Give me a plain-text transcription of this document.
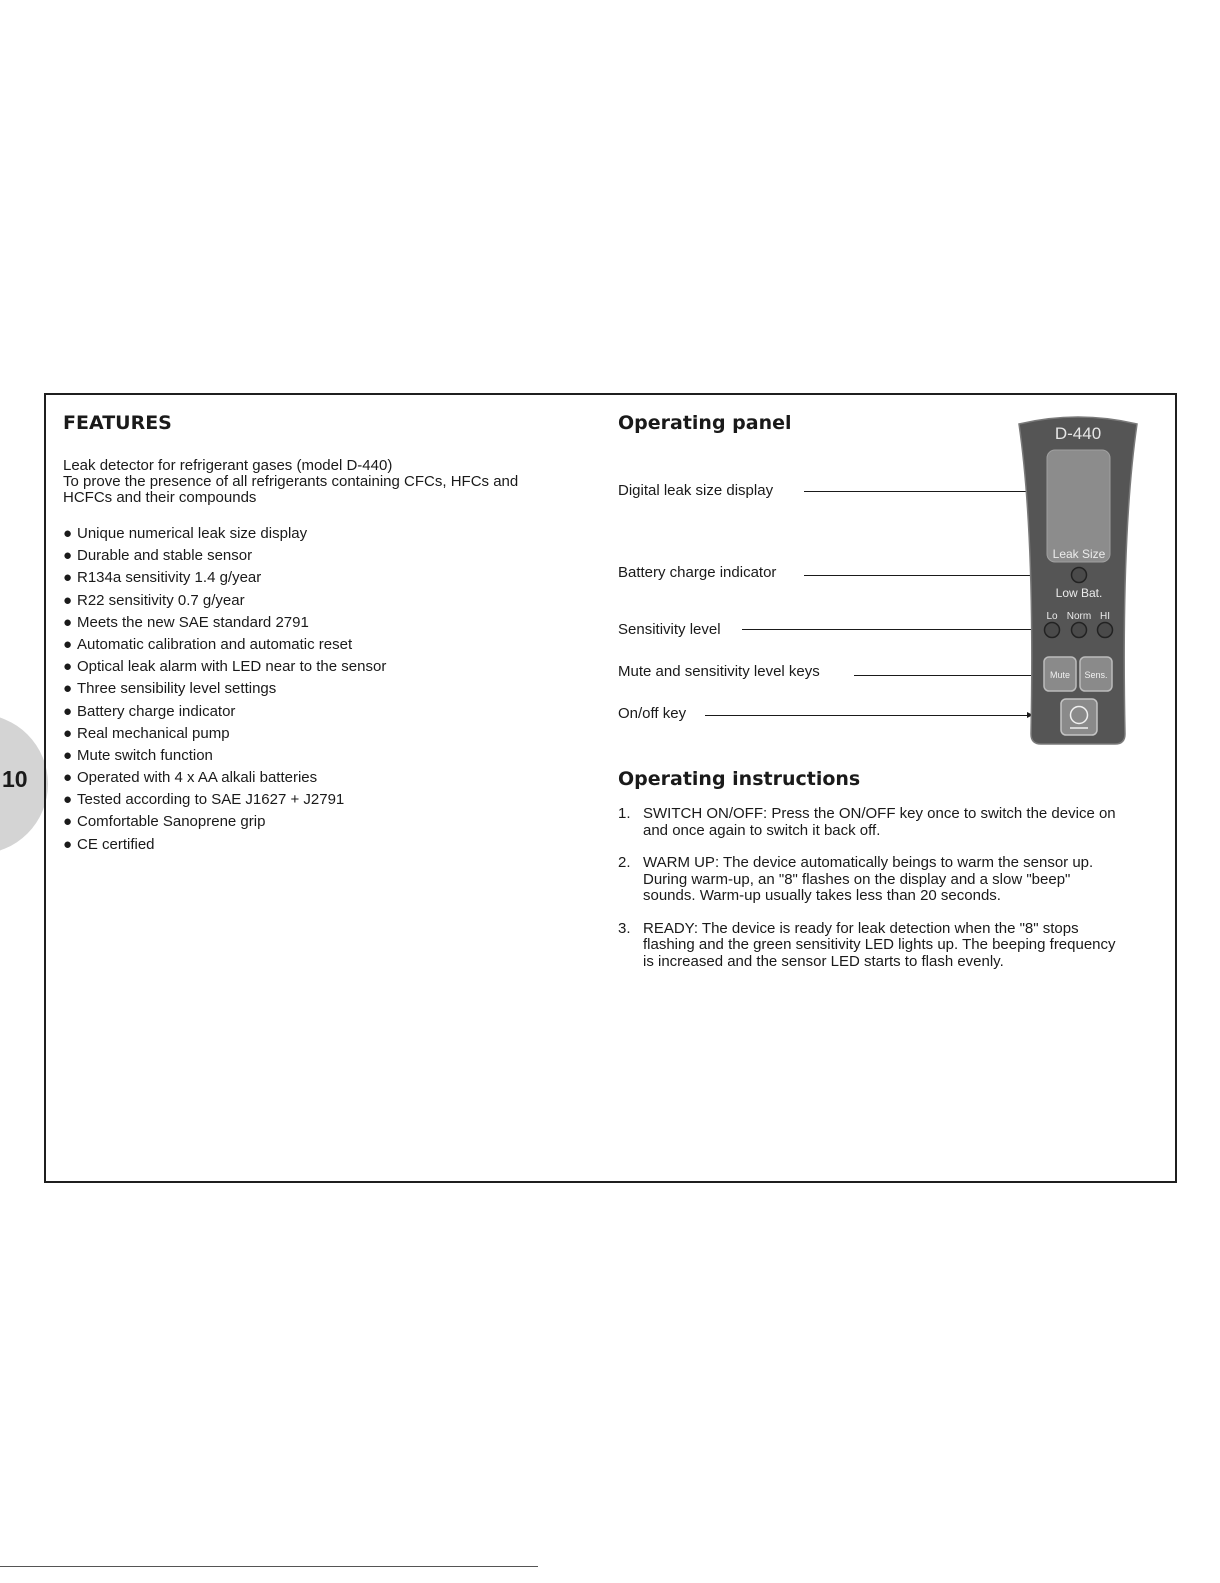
10
FEATURES
Leak detector for refrigerant gases (model D-440)
To prove the presence of all refrigerants containing CFCs, HFCs and
HCFCs and their compounds
● Unique numerical leak size display
● Durable and stable sensor
● R134a sensitivity 1.4 g/year
● R22 sensitivity 0.7 g/year
● Meets the new SAE standard 2791
● Automatic calibration and automatic reset
● Optical leak alarm with LED near to the sensor
● Three sensibility level settings
● Battery charge indicator
● Real mechanical pump
● Mute switch function
● Operated with 4 x AA alkali batteries
● Tested according to SAE J1627 + J2791
● Comfortable Sanoprene grip
● CE certified
Operating panel
Digital leak size display
Battery charge indicator
Sensitivity level
Mute and sensitivity level keys
On/off key
D-440
Leak Size
Low Bat.
Lo Norm HI
Mute Sens.
Operating instructions
1. SWITCH ON/OFF: Press the ON/OFF key once to switch the device on
and once again to switch it back off.
2. WARM UP: The device automatically beings to warm the sensor up.
During warm-up, an "8" flashes on the display and a slow "beep"
sounds. Warm-up usually takes less than 20 seconds.
3. READY: The device is ready for leak detection when the "8" stops
flashing and the green sensitivity LED lights up. The beeping frequency
is increased and the sensor LED starts to flash evenly.
